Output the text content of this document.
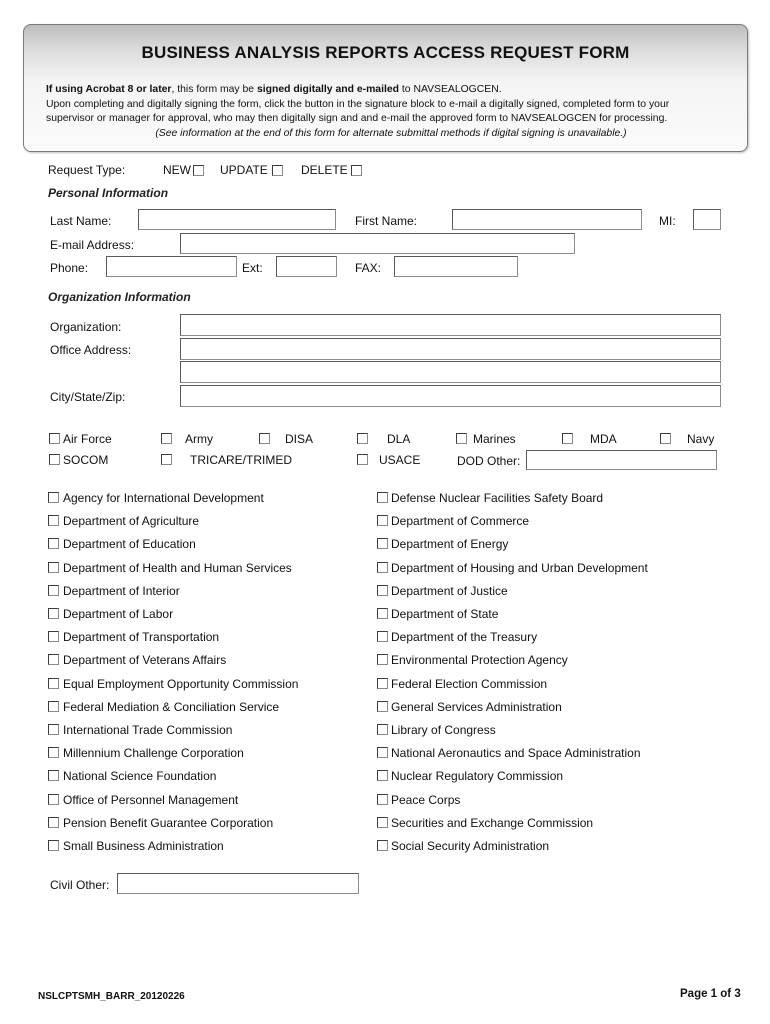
BUSINESS ANALYSIS REPORTS ACCESS REQUEST FORM
If using Acrobat 8 or later, this form may be signed digitally and e-mailed to NAVSEALOGCEN.
Upon completing and digitally signing the form, click the button in the signature block to e-mail a digitally signed, completed form to your
supervisor or manager for approval, who may then digitally sign and and e-mail the approved form to NAVSEALOGCEN for processing.
(See information at the end of this form for alternate submittal methods if digital signing is unavailable.)
Request Type:	NEW UPDATE	DELETE
Personal Information
Last Name:	First Name:	MI:
E-mail Address:
Phone:	Ext:	FAX:
Organization Information
Organization:
Office Address:
City/State/Zip:
Air Force	Army	DISA	DLA	Marines	MDA	Navy
SOCOM	TRICARE/TRIMED	USACE	DOD Other:
Agency for International Development
Department of Agriculture
Department of Education
Department of Health and Human Services
Department of Interior
Department of Labor
Department of Transportation
Department of Veterans Affairs
Equal Employment Opportunity Commission
Federal Mediation & Conciliation Service
International Trade Commission
Millennium Challenge Corporation
National Science Foundation
Office of Personnel Management
Pension Benefit Guarantee Corporation
Small Business Administration
Defense Nuclear Facilities Safety Board
Department of Commerce
Department of Energy
Department of Housing and Urban Development
Department of Justice
Department of State
Department of the Treasury
Environmental Protection Agency
Federal Election Commission
General Services Administration
Library of Congress
National Aeronautics and Space Administration
Nuclear Regulatory Commission
Peace Corps
Securities and Exchange Commission
Social Security Administration
Civil Other:
NSLCPTSMH_BARR_20120226	Page 1 of 3
